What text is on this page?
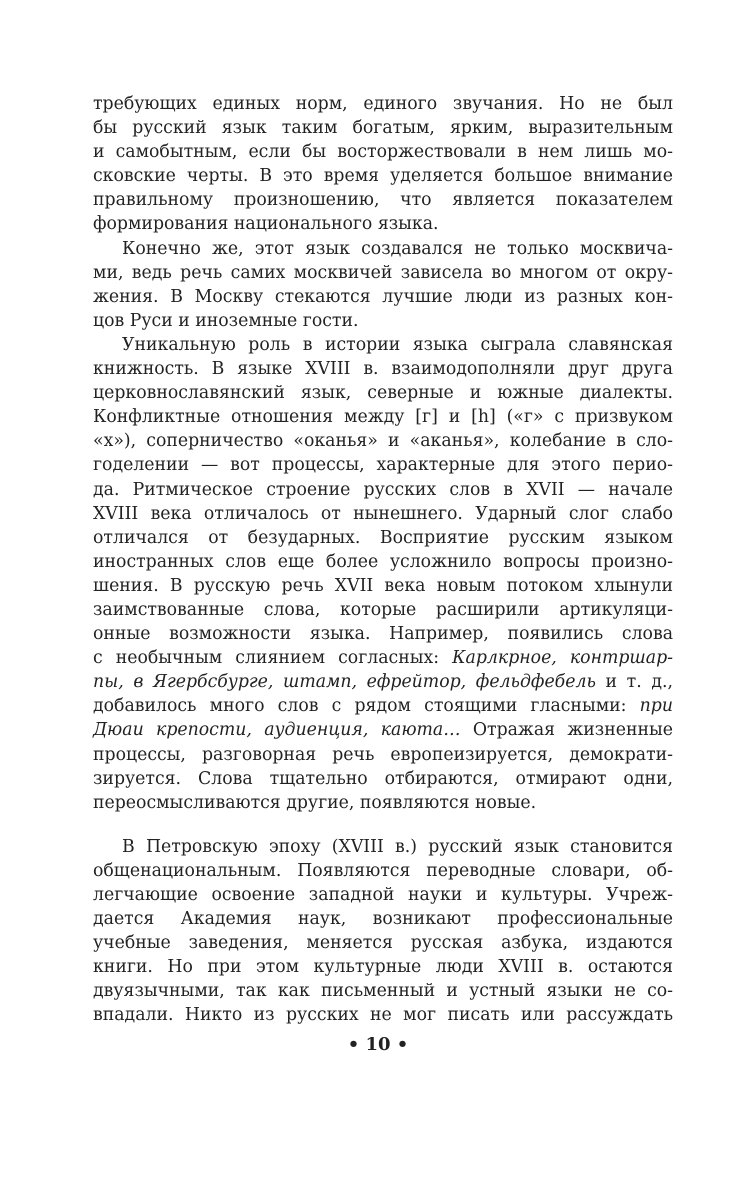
требующих единых норм, единого звучания. Но не был
бы русский язык таким богатым, ярким, выразительным
и самобытным, если бы восторжествовали в нем лишь мо-
сковские черты. В это время уделяется большое внимание
правильному произношению, что является показателем
формирования национального языка.
Конечно же, этот язык создавался не только москвича-
ми, ведь речь самих москвичей зависела во многом от окру-
жения. В Москву стекаются лучшие люди из разных кон-
цов Руси и иноземные гости.
Уникальную роль в истории языка сыграла славянская
книжность. В языке XVIII в. взаимодополняли друг друга
церковнославянский язык, северные и южные диалекты.
Конфликтные отношения между [г] и [h] («г» с призвуком
«х»), соперничество «оканья» и «аканья», колебание в сло-
годелении — вот процессы, характерные для этого перио-
да. Ритмическое строение русских слов в XVII — начале
XVIII века отличалось от нынешнего. Ударный слог слабо
отличался от безударных. Восприятие русским языком
иностранных слов еще более усложнило вопросы произно-
шения. В русскую речь XVII века новым потоком хлынули
заимствованные слова, которые расширили артикуляци-
онные возможности языка. Например, появились слова
с необычным слиянием согласных: Карлкрное, контршар-
пы, в Ягербсбурге, штамп, ефрейтор, фельдфебель и т. д.,
добавилось много слов с рядом стоящими гласными: при
Дюаи крепости, аудиенция, каюта… Отражая жизненные
процессы, разговорная речь европеизируется, демократи-
зируется. Слова тщательно отбираются, отмирают одни,
переосмысливаются другие, появляются новые.
В Петровскую эпоху (XVIII в.) русский язык становится
общенациональным. Появляются переводные словари, об-
легчающие освоение западной науки и культуры. Учреж-
дается Академия наук, возникают профессиональные
учебные заведения, меняется русская азбука, издаются
книги. Но при этом культурные люди XVIII в. остаются
двуязычными, так как письменный и устный языки не со-
впадали. Никто из русских не мог писать или рассуждать
• 10 •
